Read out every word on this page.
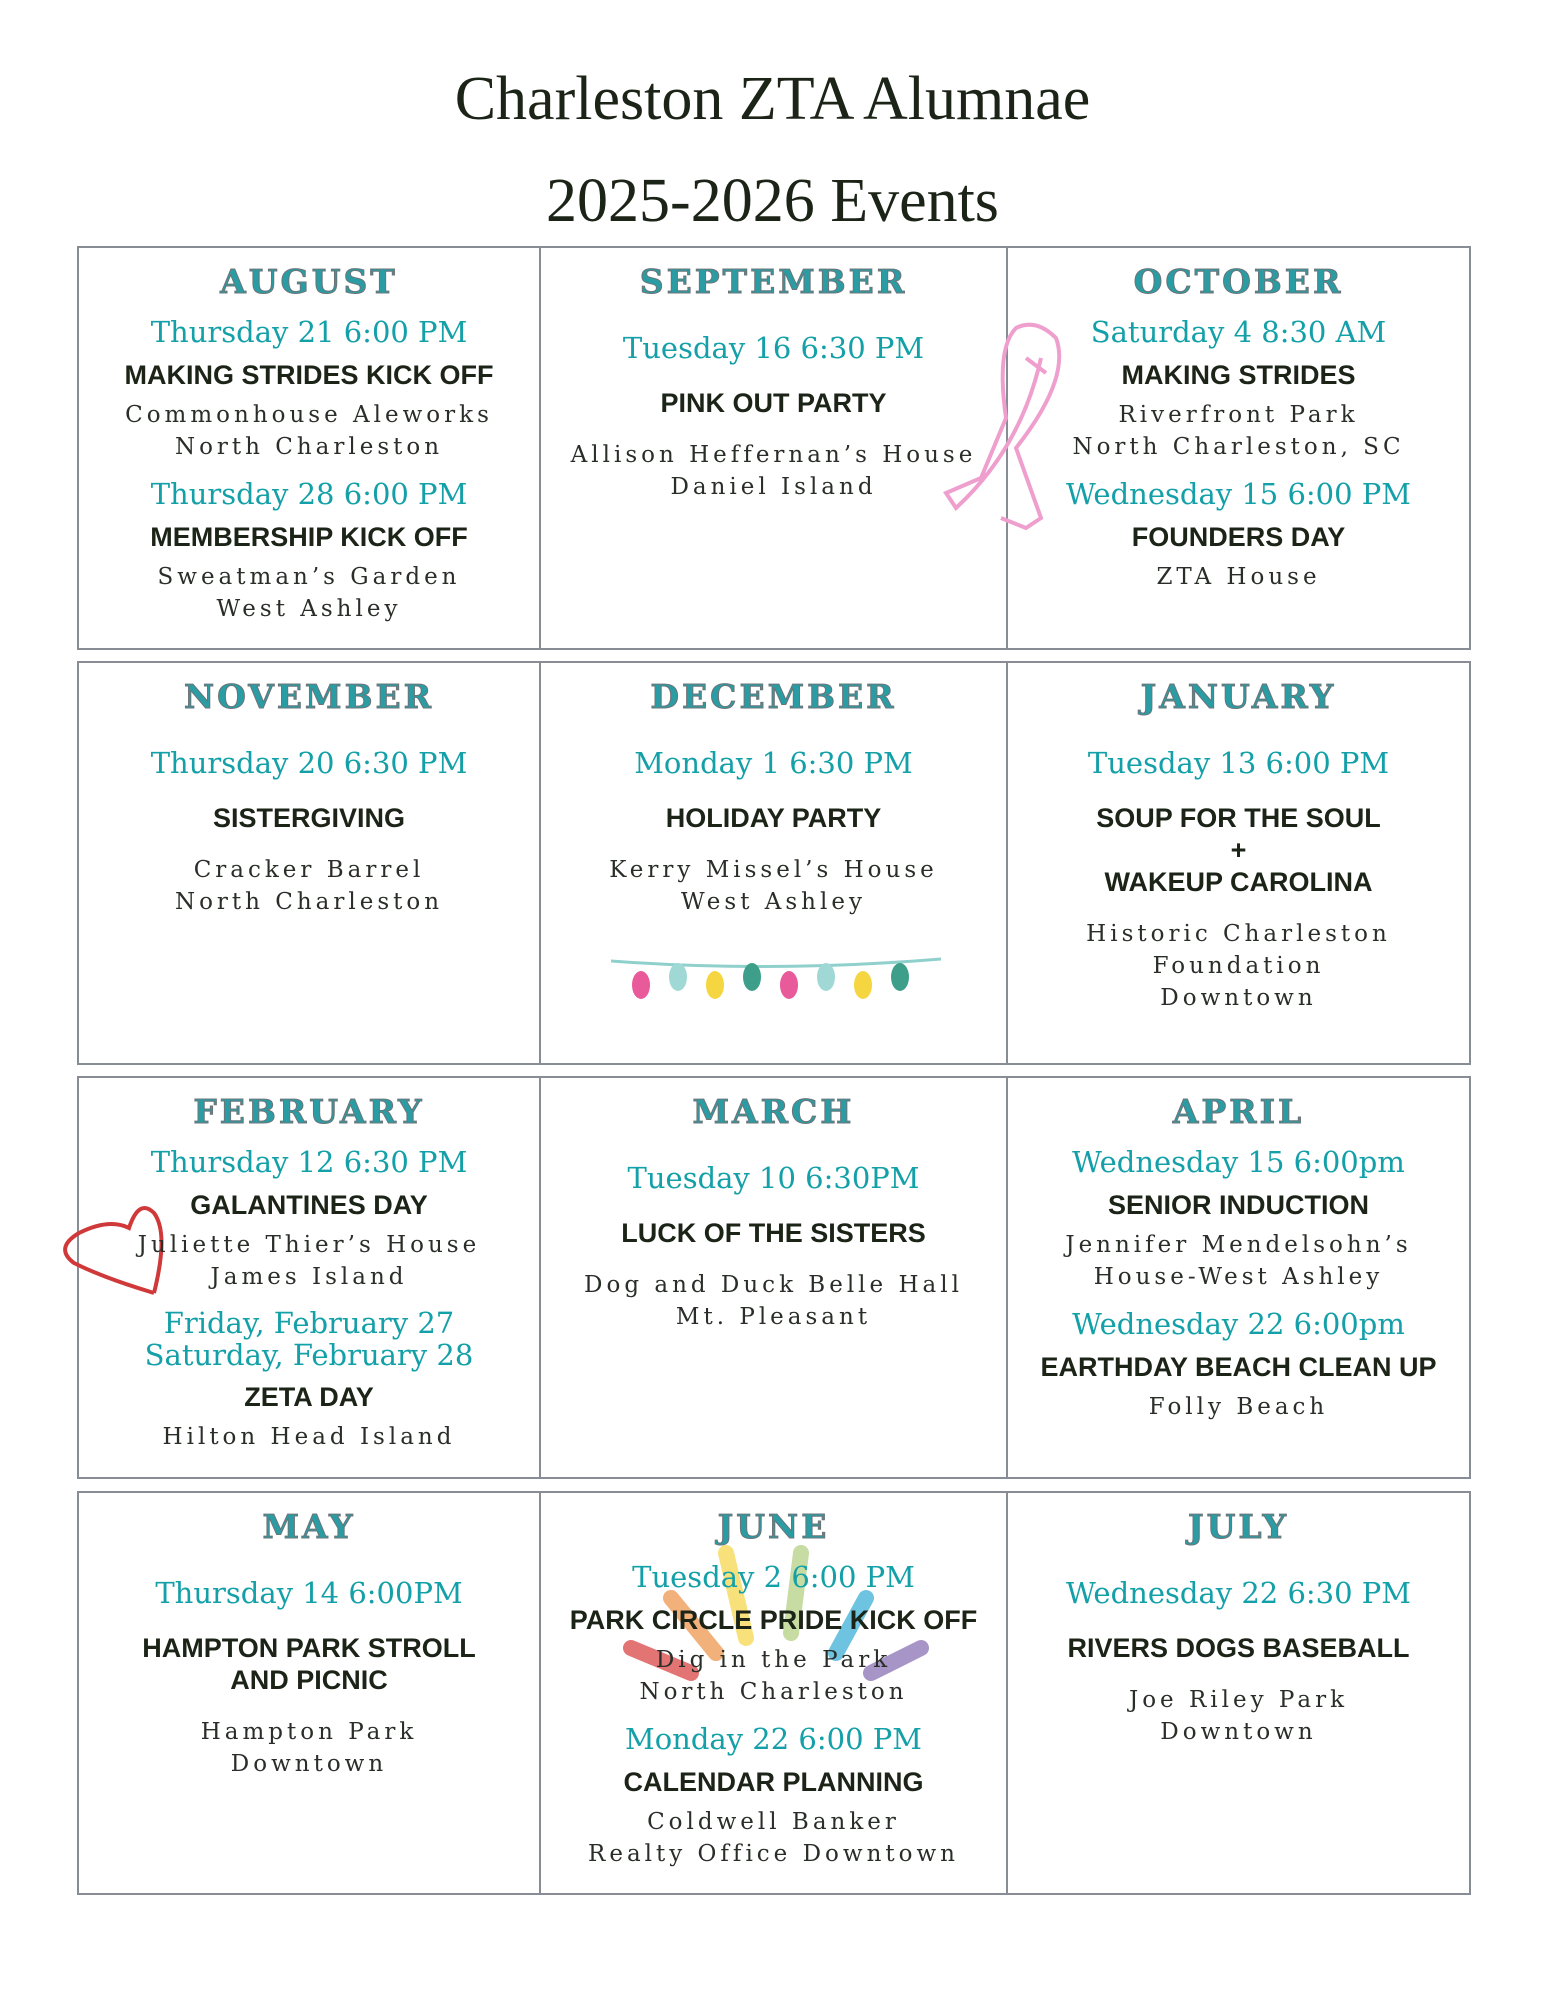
Charleston ZTA Alumnae
2025-2026 Events
AUGUST
Thursday 21 6:00 PM
MAKING STRIDES KICK OFF
Commonhouse Aleworks
North Charleston
Thursday 28 6:00 PM
MEMBERSHIP KICK OFF
Sweatman’s Garden
West Ashley
SEPTEMBER
Tuesday 16 6:30 PM
PINK OUT PARTY
Allison Heffernan’s House
Daniel Island
OCTOBER
Saturday 4 8:30 AM
MAKING STRIDES
Riverfront Park
North Charleston, SC
Wednesday 15 6:00 PM
FOUNDERS DAY
ZTA House
NOVEMBER
Thursday 20 6:30 PM
SISTERGIVING
Cracker Barrel
North Charleston
DECEMBER
Monday 1 6:30 PM
HOLIDAY PARTY
Kerry Missel’s House
West Ashley
JANUARY
Tuesday 13 6:00 PM
SOUP FOR THE SOUL
+
WAKEUP CAROLINA
Historic Charleston
Foundation
Downtown
FEBRUARY
Thursday 12 6:30 PM
GALANTINES DAY
Juliette Thier’s House
James Island
Friday, February 27 Saturday, February 28
ZETA DAY
Hilton Head Island
MARCH
Tuesday 10 6:30PM
LUCK OF THE SISTERS
Dog and Duck Belle Hall
Mt. Pleasant
APRIL
Wednesday 15 6:00pm
SENIOR INDUCTION
Jennifer Mendelsohn’s
House-West Ashley
Wednesday 22 6:00pm
EARTHDAY BEACH CLEAN UP
Folly Beach
MAY
Thursday 14 6:00PM
HAMPTON PARK STROLL
AND PICNIC
Hampton Park
Downtown
JUNE
Tuesday 2 6:00 PM
PARK CIRCLE PRIDE KICK OFF
Dig in the Park
North Charleston
Monday 22 6:00 PM
CALENDAR PLANNING
Coldwell Banker
Realty Office Downtown
JULY
Wednesday 22 6:30 PM
RIVERS DOGS BASEBALL
Joe Riley Park
Downtown
